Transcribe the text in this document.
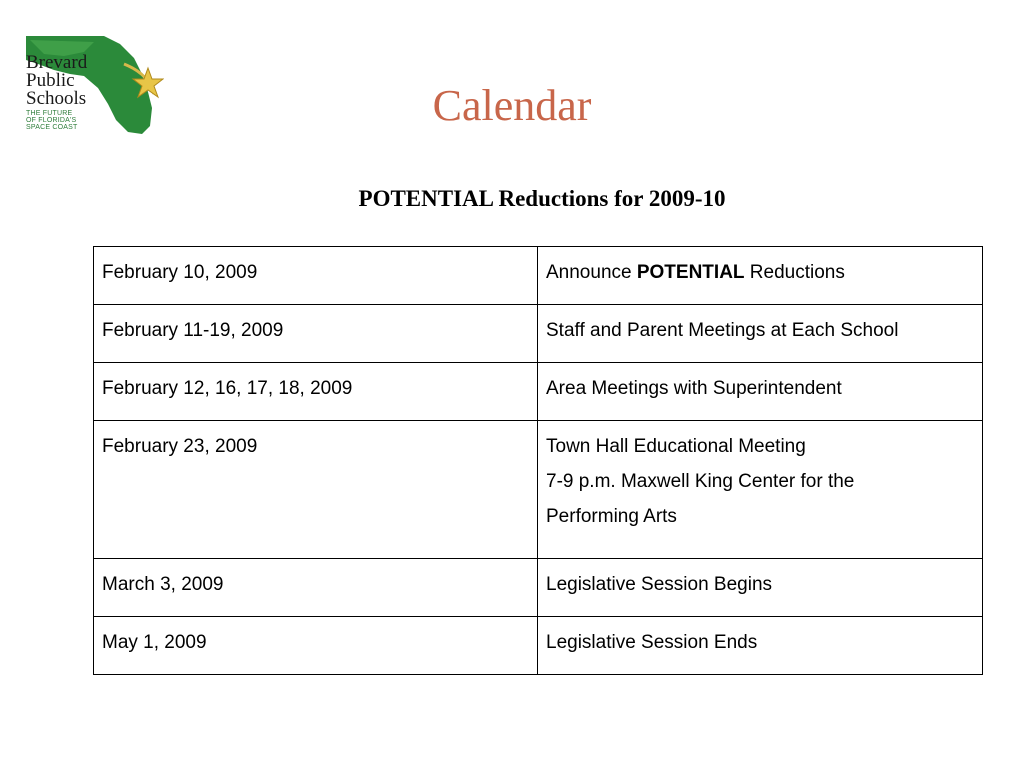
Brevard
Public
Schools
THE FUTURE
OF FLORIDA'S
SPACE COAST	Calendar
POTENTIAL Reductions for 2009-10
February 10, 2009	Announce POTENTIAL Reductions
February 11-19, 2009	Staff and Parent Meetings at Each School
February 12, 16, 17, 18, 2009	Area Meetings with Superintendent
February 23, 2009	Town Hall Educational Meeting
7-9 p.m. Maxwell King Center for the
Performing Arts

March 3, 2009	Legislative Session Begins
May 1, 2009	Legislative Session Ends
